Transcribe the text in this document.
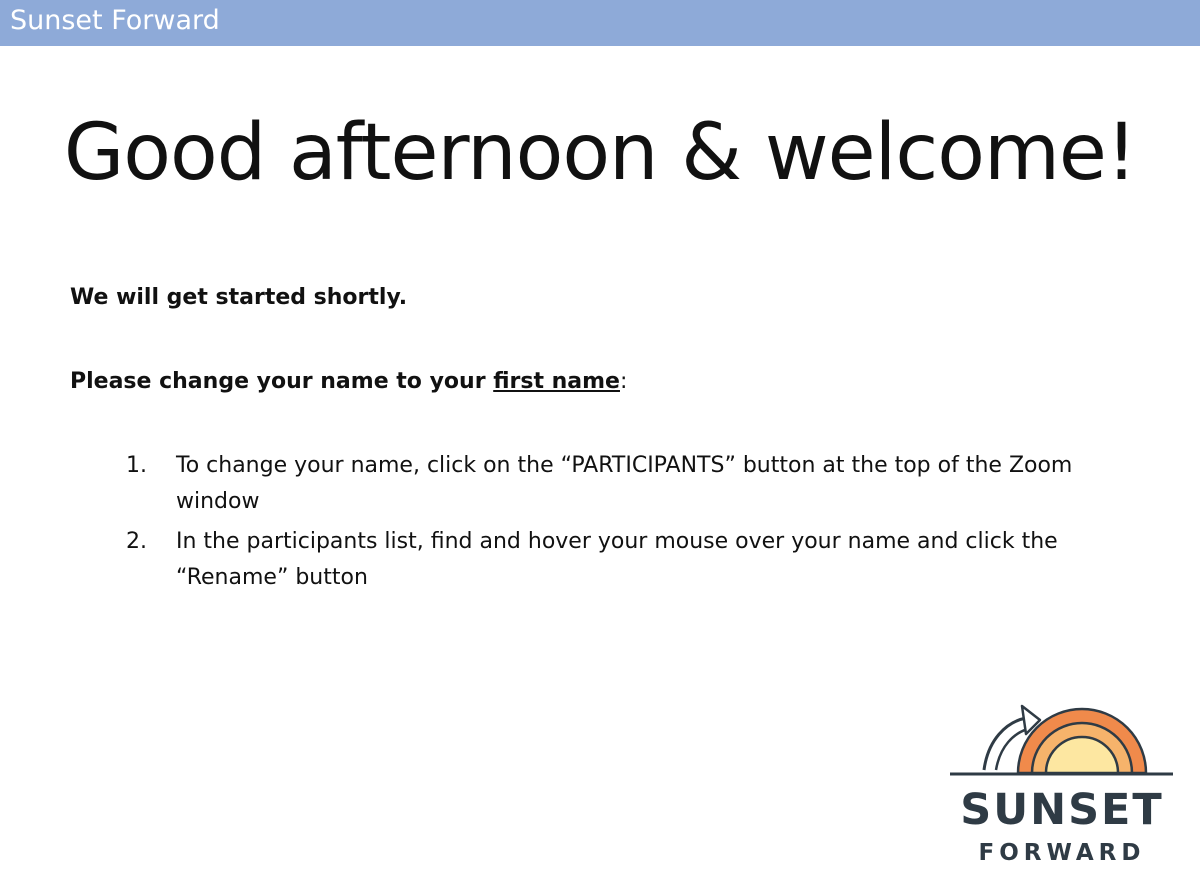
Sunset Forward
Good afternoon & welcome!
We will get started shortly.
Please change your name to your first name:
1. To change your name, click on the “PARTICIPANTS” button at the top of the Zoom window
2. In the participants list, find and hover your mouse over your name and click the “Rename” button
SUNSET
FORWARD
